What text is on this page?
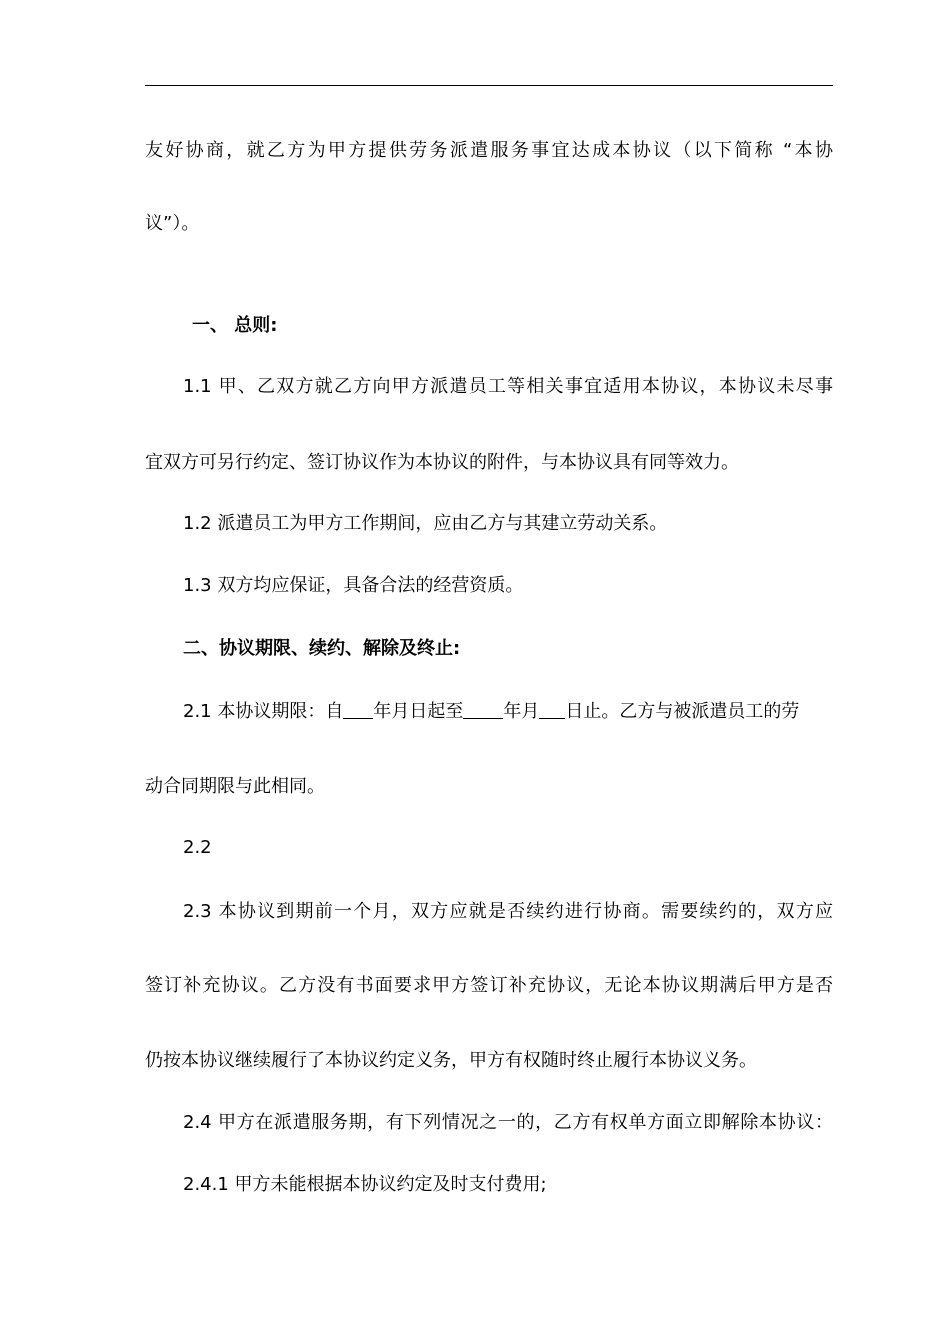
友好协商，就乙方为甲方提供劳务派遣服务事宜达成本协议（以下简称 “本协
议”）。
一、 总则:
1.1 甲、乙双方就乙方向甲方派遣员工等相关事宜适用本协议，本协议未尽事
宜双方可另行约定、签订协议作为本协议的附件，与本协议具有同等效力。
1.2 派遣员工为甲方工作期间，应由乙方与其建立劳动关系。
1.3 双方均应保证，具备合法的经营资质。
二、协议期限、续约、解除及终止:
2.1 本协议期限：自 年月日起至 年月 日止。乙方与被派遣员工的劳
动合同期限与此相同。
2.2
2.3 本协议到期前一个月，双方应就是否续约进行协商。需要续约的，双方应
签订补充协议。乙方没有书面要求甲方签订补充协议，无论本协议期满后甲方是否
仍按本协议继续履行了本协议约定义务，甲方有权随时终止履行本协议义务。
2.4 甲方在派遣服务期，有下列情况之一的，乙方有权单方面立即解除本协议：
2.4.1 甲方未能根据本协议约定及时支付费用;
